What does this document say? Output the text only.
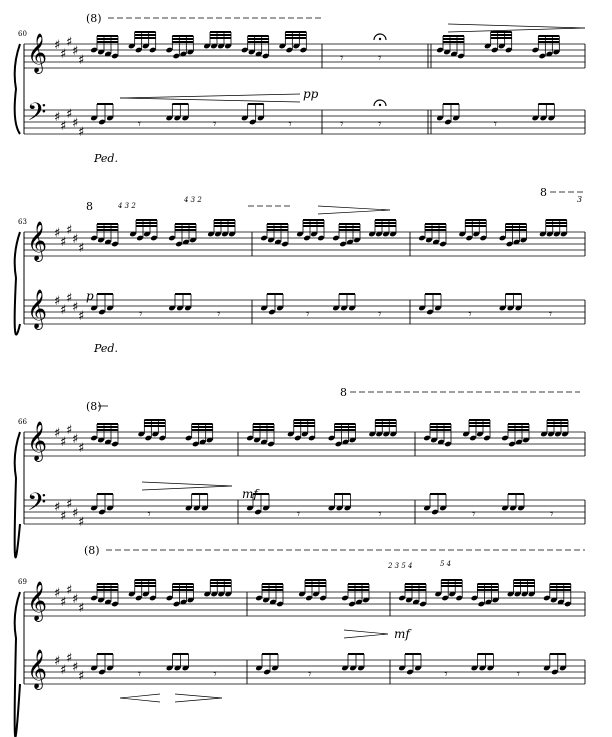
𝄞
𝄢
♯
♯
♯
♯
♯
♯
♯
♯
♯
♯
60
𝄾	𝄾	𝄾
𝄾	𝄾
𝄾	𝄾	𝄾
(8)
pp
Ped.
𝄞
𝄞
♯
♯
♯
♯
♯
♯
♯
♯
♯
♯
63
𝄾	𝄾	𝄾	𝄾	𝄾	𝄾
8
8
4 3 2
4 3 2	3
p
Ped.
𝄞
𝄢
♯
♯
♯
♯
♯
♯
♯
♯
♯
♯
66
𝄾	𝄾	𝄾	𝄾	𝄾
(8)
8
(8)
mf
𝄞
𝄞
♯
♯
♯
♯
♯
♯
♯
♯
♯
♯
69
𝄾	𝄾	𝄾	𝄾	𝄾
2 3 5 4	5 4
mf
